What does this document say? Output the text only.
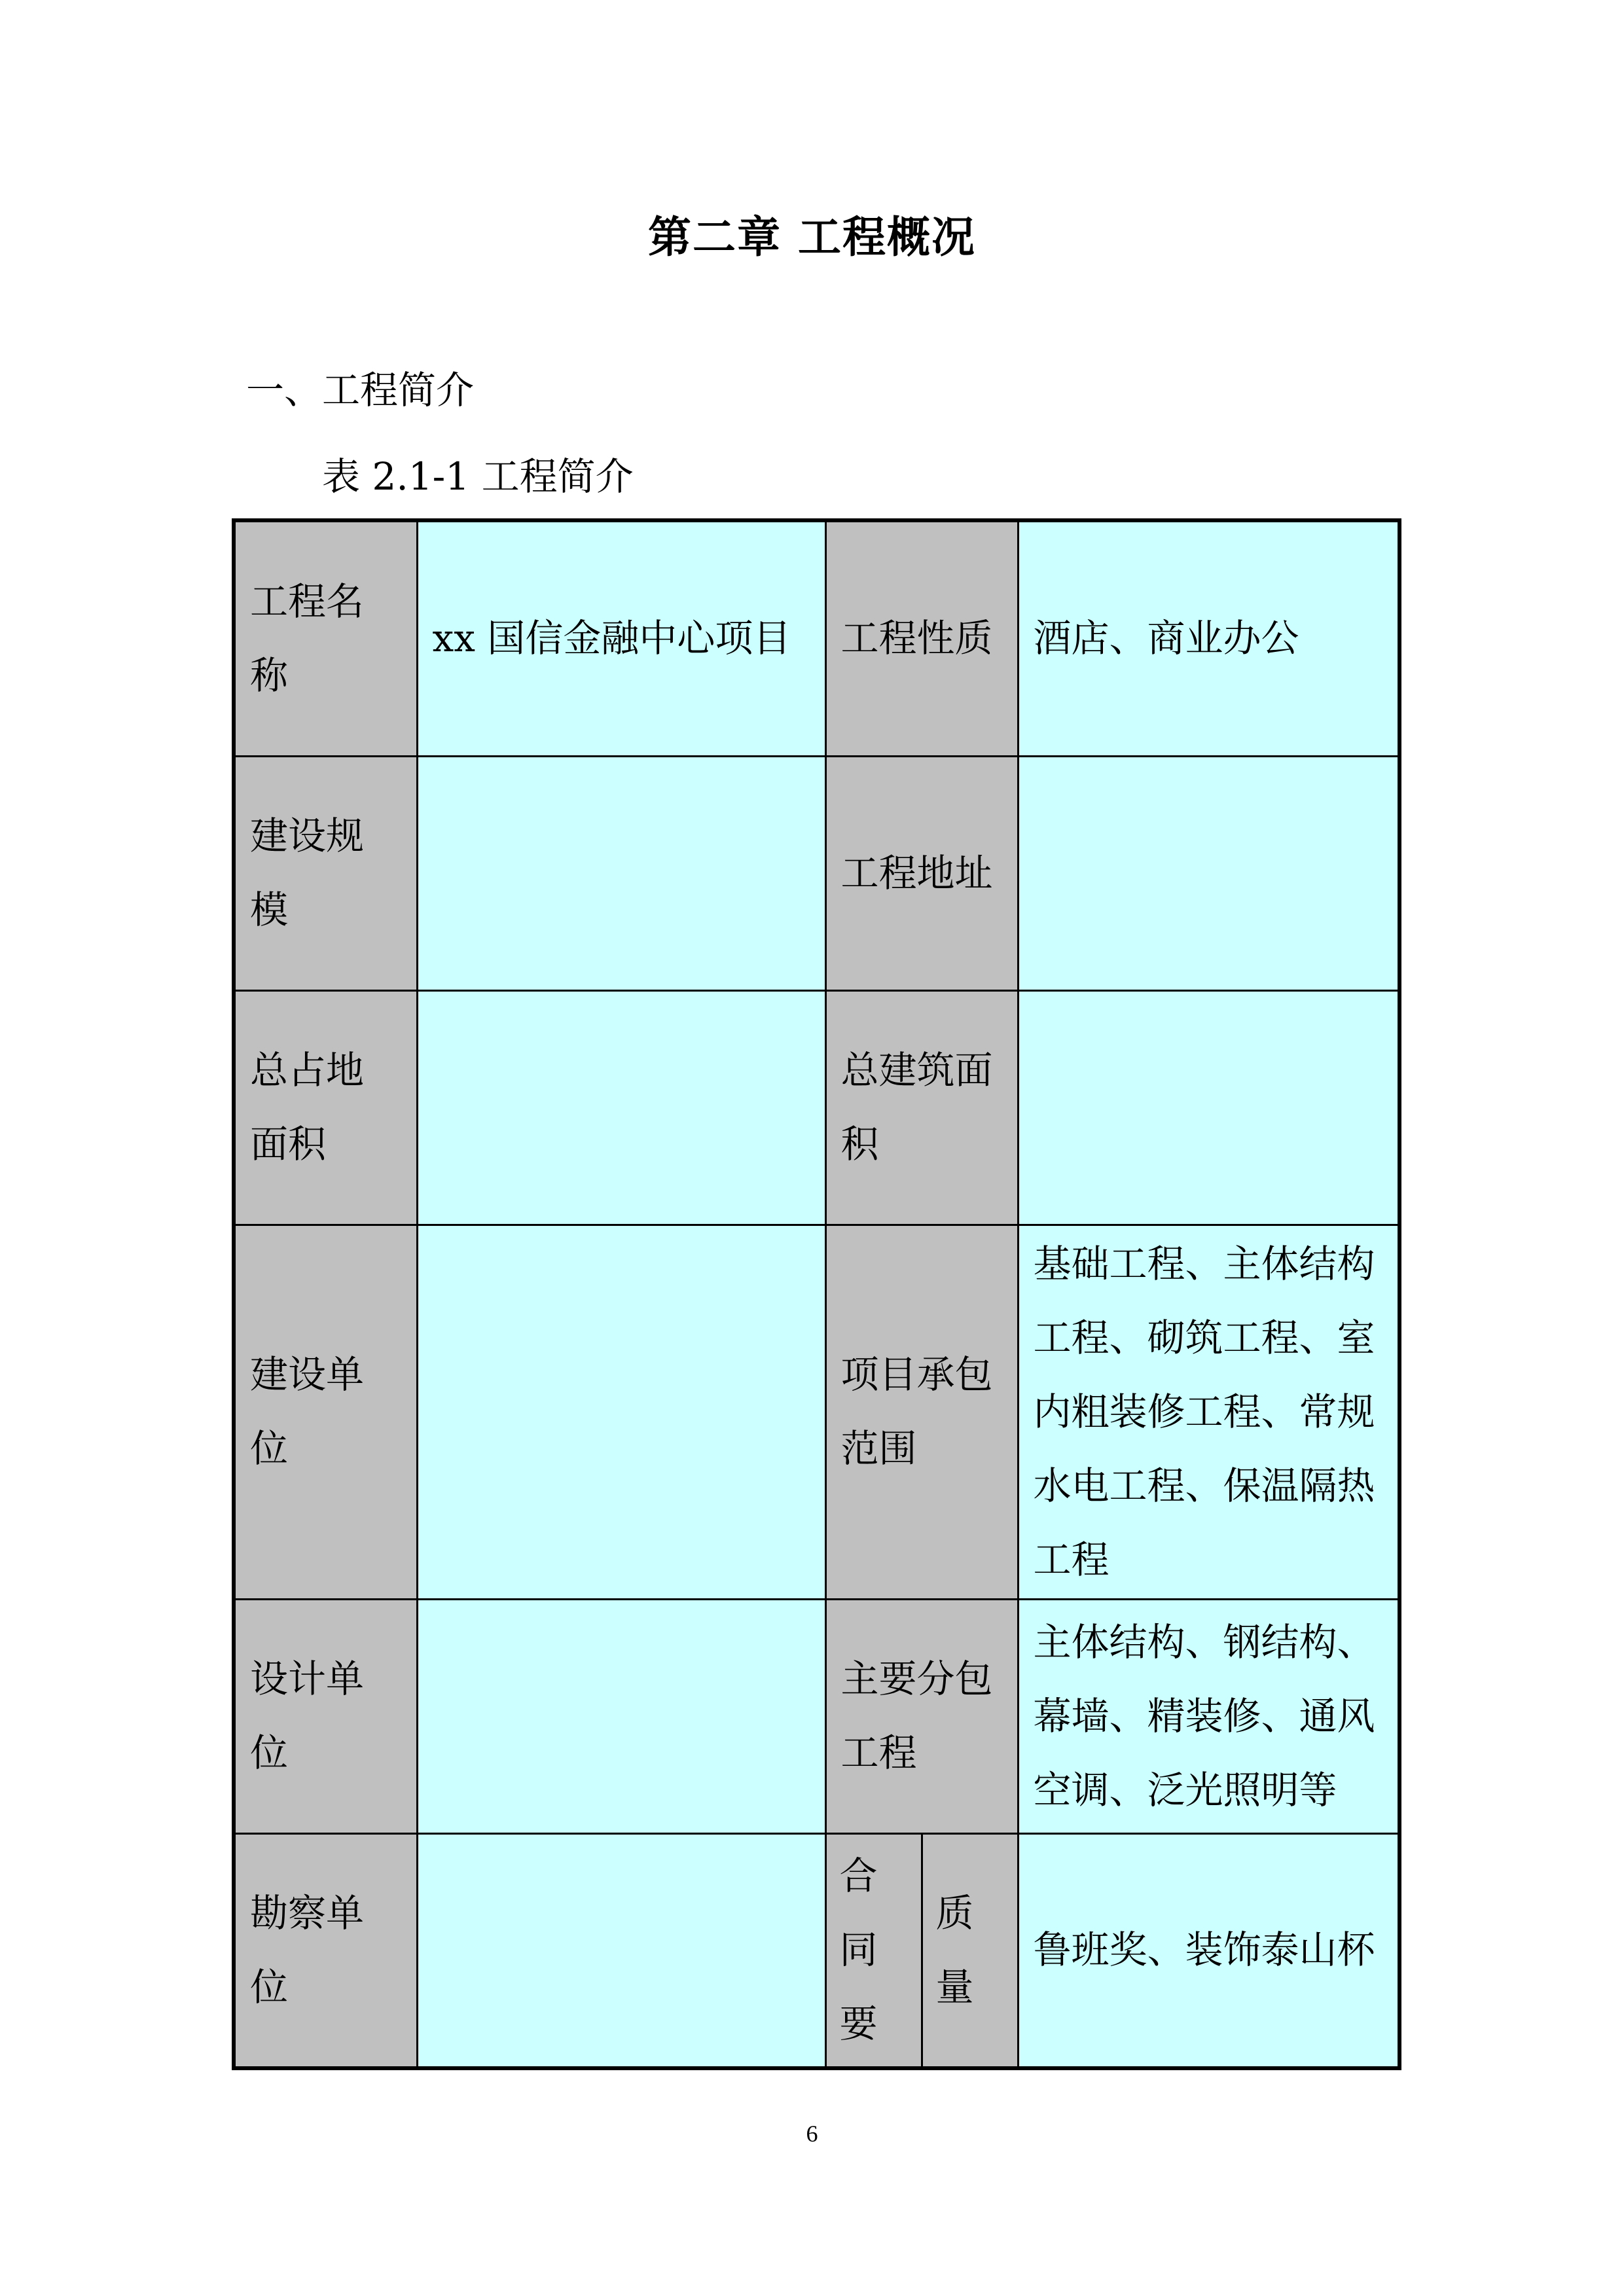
第二章 工程概况
一、工程简介
表 2.1-1 工程简介
工程名称	xx 国信金融中心项目	工程性质		酒店、商业办公
建设规模		工程地址		
总占地面积		总建筑面积		
建设单位		项目承包范围		基础工程、主体结构工程、砌筑工程、室内粗装修工程、常规水电工程、保温隔热工程
设计单位		主要分包工程		主体结构、钢结构、幕墙、精装修、通风空调、泛光照明等
勘察单位		合同要	质量	鲁班奖、装饰泰山杯
6
